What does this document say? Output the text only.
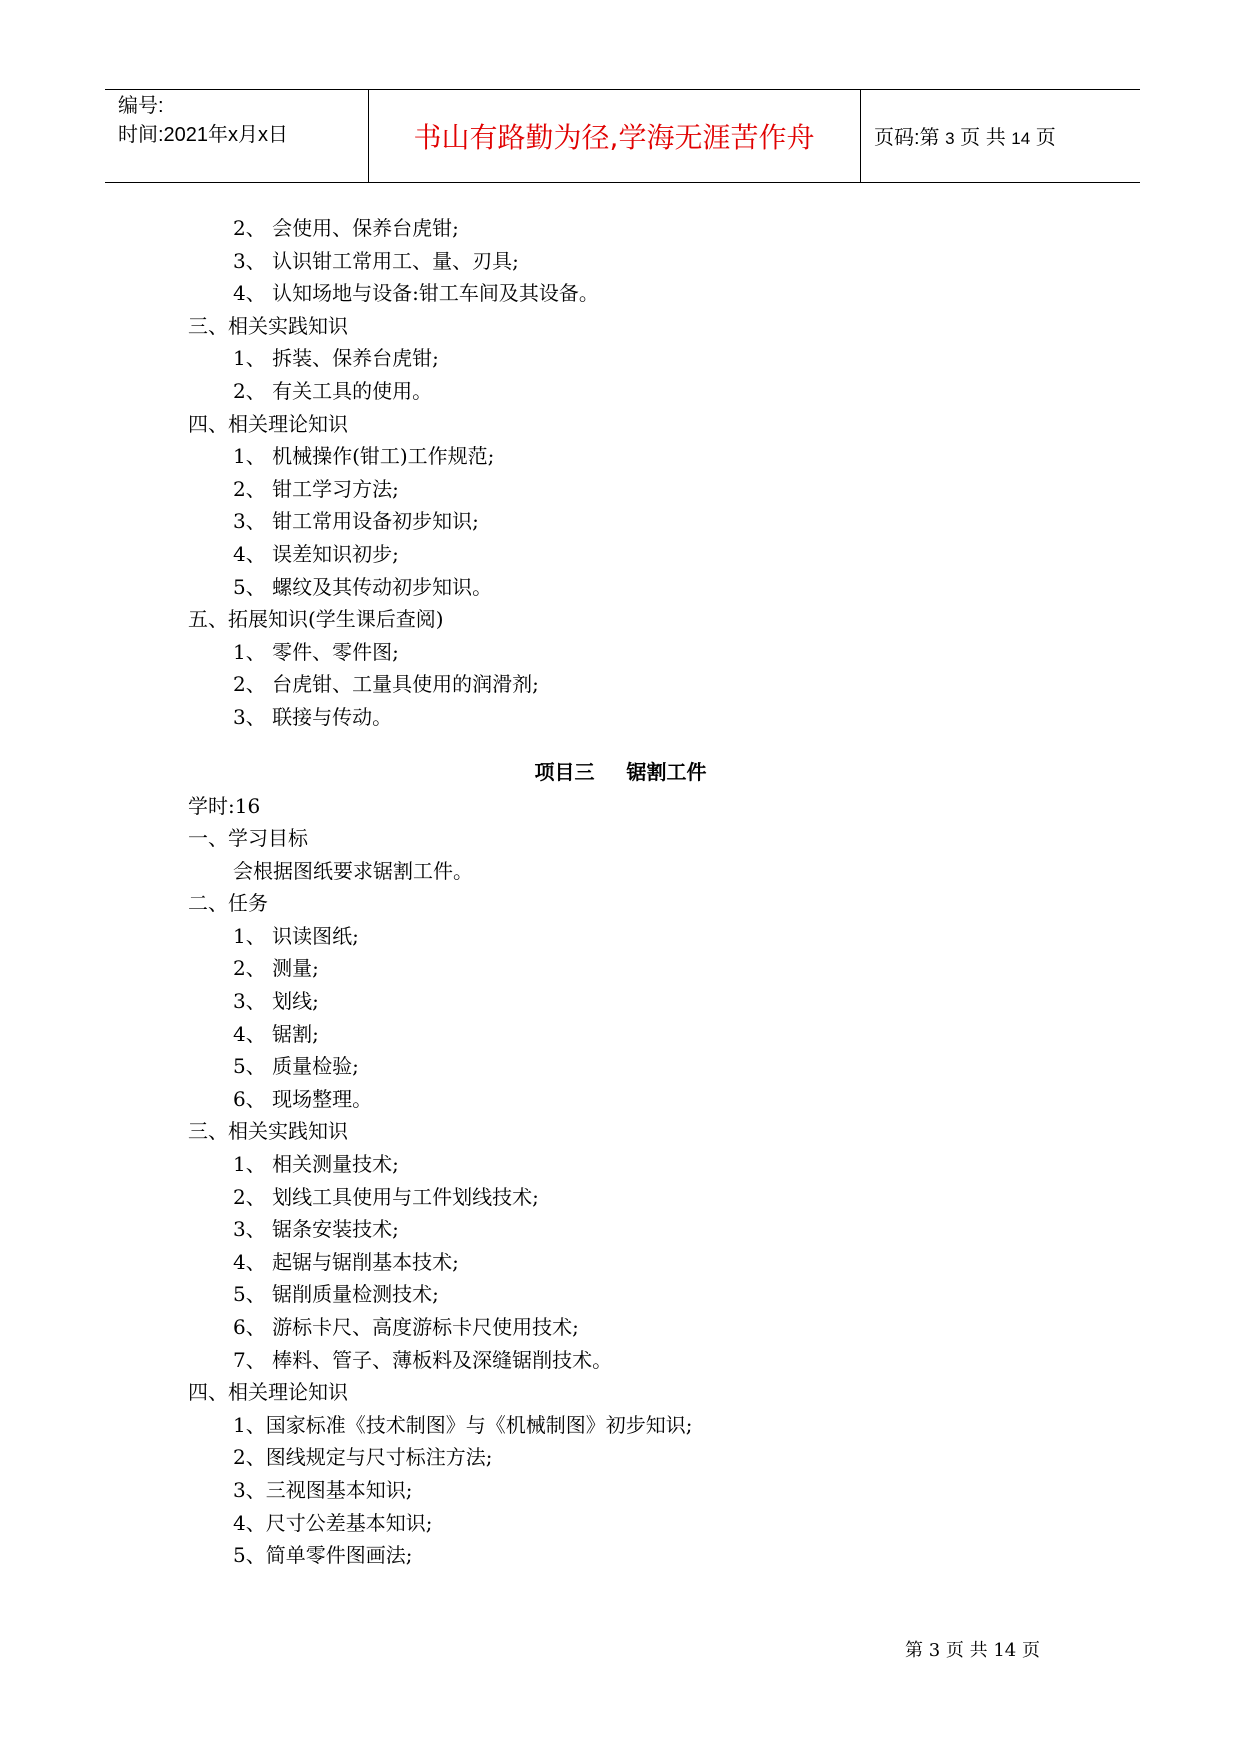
编号:
时间:2021年x月x日	书山有路勤为径,学海无涯苦作舟	页码:第 3 页 共 14 页
2、 会使用、保养台虎钳;
3、 认识钳工常用工、量、刃具;
4、 认知场地与设备:钳工车间及其设备。
三、相关实践知识
1、 拆装、保养台虎钳;
2、 有关工具的使用。
四、相关理论知识
1、 机械操作(钳工)工作规范;
2、 钳工学习方法;
3、 钳工常用设备初步知识;
4、 误差知识初步;
5、 螺纹及其传动初步知识。
五、拓展知识(学生课后查阅)
1、 零件、零件图;
2、 台虎钳、工量具使用的润滑剂;
3、 联接与传动。
项目三 锯割工件
学时:16
一、学习目标
会根据图纸要求锯割工件。
二、任务
1、 识读图纸;
2、 测量;
3、 划线;
4、 锯割;
5、 质量检验;
6、 现场整理。
三、相关实践知识
1、 相关测量技术;
2、 划线工具使用与工件划线技术;
3、 锯条安装技术;
4、 起锯与锯削基本技术;
5、 锯削质量检测技术;
6、 游标卡尺、高度游标卡尺使用技术;
7、 棒料、管子、薄板料及深缝锯削技术。
四、相关理论知识
1、国家标准《技术制图》与《机械制图》初步知识;
2、图线规定与尺寸标注方法;
3、三视图基本知识;
4、尺寸公差基本知识;
5、简单零件图画法;
第 3 页 共 14 页
